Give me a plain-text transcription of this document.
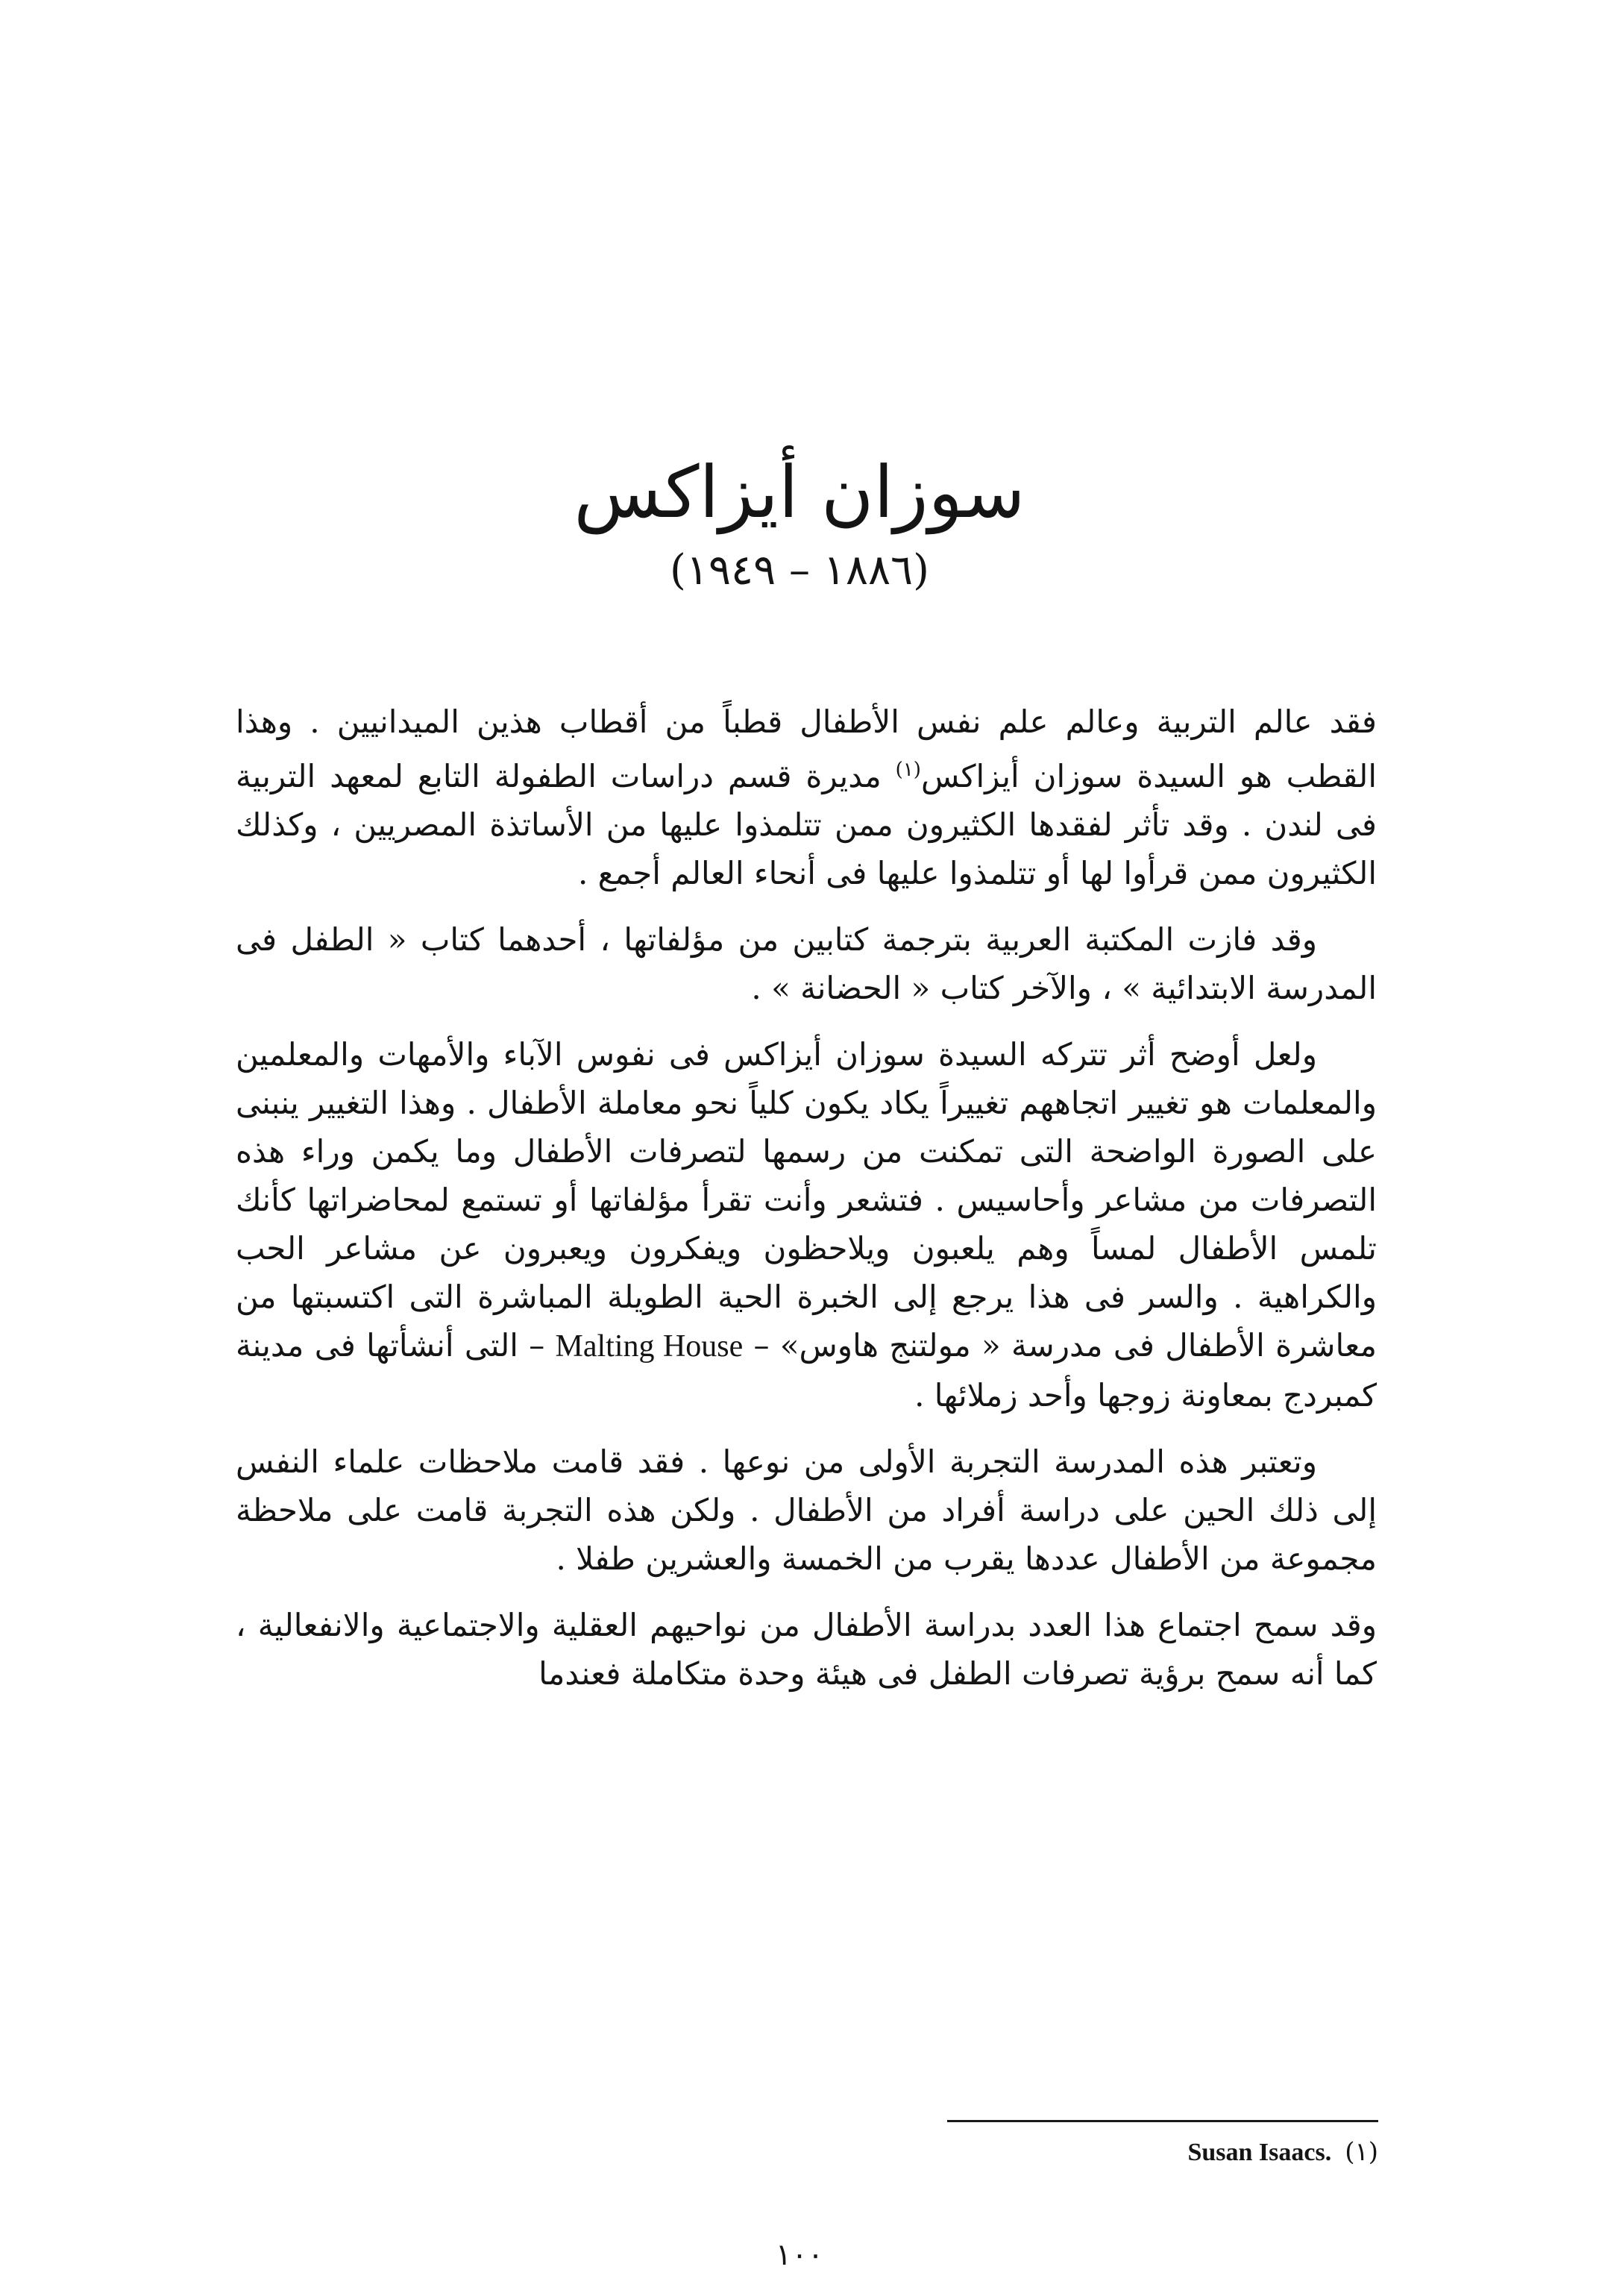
سوزان أيزاكس
(١٨٨٦ – ١٩٤٩)

فقد عالم التربية وعالم علم نفس الأطفال قطباً من أقطاب هذين الميدانيين . وهذا القطب هو السيدة سوزان أيزاكس$^{(١)}$ مديرة قسم دراسات الطفولة التابع لمعهد التربية فى لندن . وقد تأثر لفقدها الكثيرون ممن تتلمذوا عليها من الأساتذة المصريين ، وكذلك الكثيرون ممن قرأوا لها أو تتلمذوا عليها فى أنحاء العالم أجمع .

وقد فازت المكتبة العربية بترجمة كتابين من مؤلفاتها ، أحدهما كتاب « الطفل فى المدرسة الابتدائية » ، والآخر كتاب « الحضانة » .

ولعل أوضح أثر تتركه السيدة سوزان أيزاكس فى نفوس الآباء والأمهات والمعلمين والمعلمات هو تغيير اتجاههم تغييراً يكاد يكون كلياً نحو معاملة الأطفال . وهذا التغيير ينبنى على الصورة الواضحة التى تمكنت من رسمها لتصرفات الأطفال وما يكمن وراء هذه التصرفات من مشاعر وأحاسيس . فتشعر وأنت تقرأ مؤلفاتها أو تستمع لمحاضراتها كأنك تلمس الأطفال لمساً وهم يلعبون ويلاحظون ويفكرون ويعبرون عن مشاعر الحب والكراهية . والسر فى هذا يرجع إلى الخبرة الحية الطويلة المباشرة التى اكتسبتها من معاشرة الأطفال فى مدرسة « مولتنج هاوس» – Malting House – التى أنشأتها فى مدينة كمبردج بمعاونة زوجها وأحد زملائها .

وتعتبر هذه المدرسة التجربة الأولى من نوعها . فقد قامت ملاحظات علماء النفس إلى ذلك الحين على دراسة أفراد من الأطفال . ولكن هذه التجربة قامت على ملاحظة مجموعة من الأطفال عددها يقرب من الخمسة والعشرين طفلا .

وقد سمح اجتماع هذا العدد بدراسة الأطفال من نواحيهم العقلية والاجتماعية والانفعالية ، كما أنه سمح برؤية تصرفات الطفل فى هيئة وحدة متكاملة فعندما

(١)Susan Isaacs.
١٠٠
